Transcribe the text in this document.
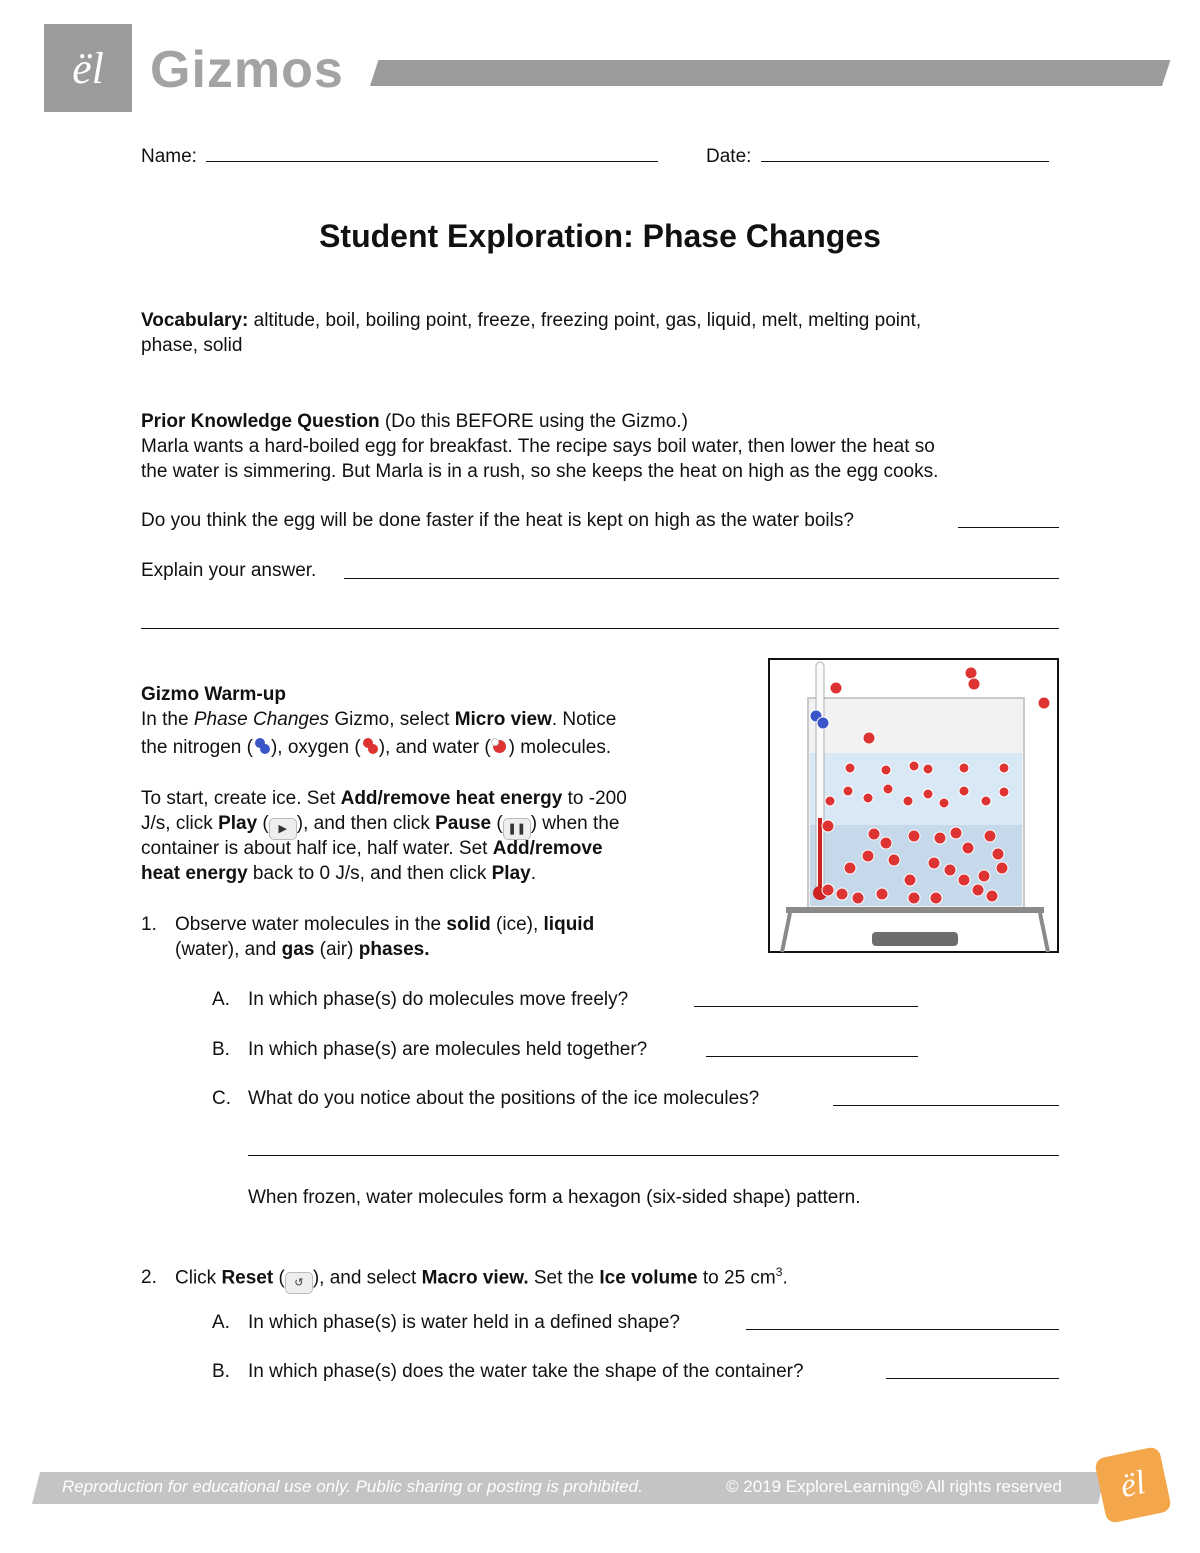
ël Gizmos
Name:	Date:
Student Exploration: Phase Changes
Vocabulary: altitude, boil, boiling point, freeze, freezing point, gas, liquid, melt, melting point,
phase, solid
Prior Knowledge Question (Do this BEFORE using the Gizmo.)
Marla wants a hard-boiled egg for breakfast. The recipe says boil water, then lower the heat so
the water is simmering. But Marla is in a rush, so she keeps the heat on high as the egg cooks.
Do you think the egg will be done faster if the heat is kept on high as the water boils?
Explain your answer.
Gizmo Warm-up
In the Phase Changes Gizmo, select Micro view. Notice
the nitrogen ( ), oxygen ( ), and water ( ) molecules.
To start, create ice. Set Add/remove heat energy to -200
J/s, click Play ( ▶ ), and then click Pause ( ❚❚ ) when the
container is about half ice, half water. Set Add/remove
heat energy back to 0 J/s, and then click Play.
1. Observe water molecules in the solid (ice), liquid
(water), and gas (air) phases.
A. In which phase(s) do molecules move freely?
B. In which phase(s) are molecules held together?
C. What do you notice about the positions of the ice molecules?
When frozen, water molecules form a hexagon (six-sided shape) pattern.
2. Click Reset ( ↺ ), and select Macro view. Set the Ice volume to 25 $cm^3$.
A. In which phase(s) is water held in a defined shape?
B. In which phase(s) does the water take the shape of the container?
Reproduction for educational use only. Public sharing or posting is prohibited.	© 2019 ExploreLearning® All rights reserved ël
